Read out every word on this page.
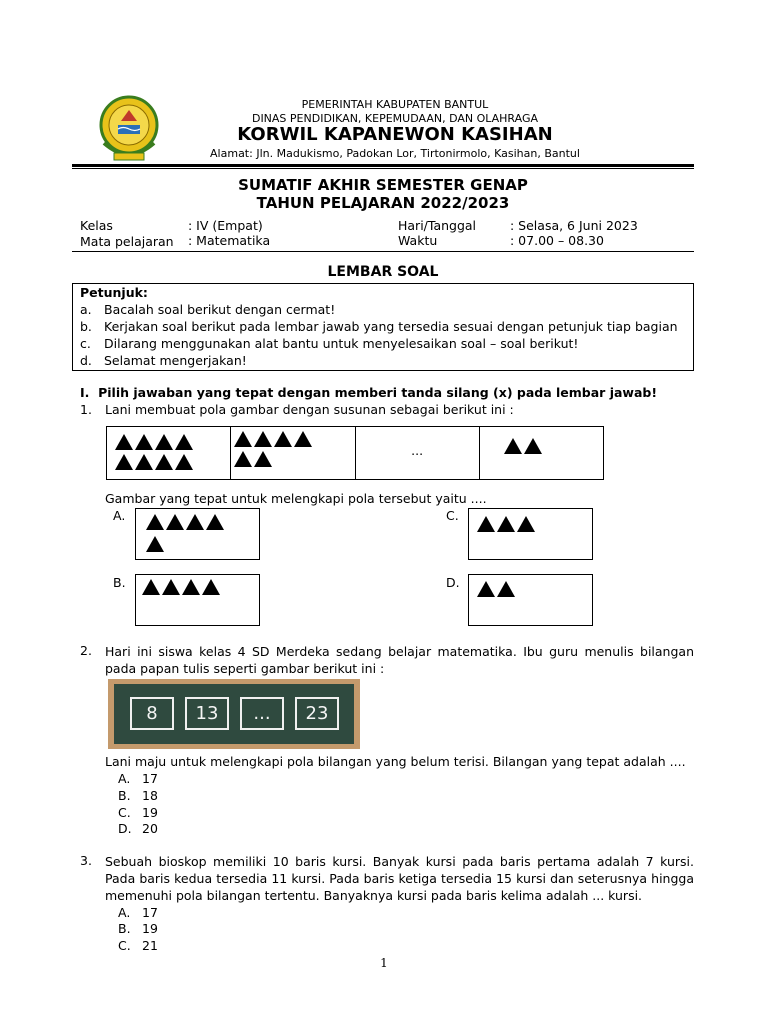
PEMERINTAH KABUPATEN BANTUL
DINAS PENDIDIKAN, KEPEMUDAAN, DAN OLAHRAGA
KORWIL KAPANEWON KASIHAN
Alamat: Jln. Madukismo, Padokan Lor, Tirtonirmolo, Kasihan, Bantul
SUMATIF AKHIR SEMESTER GENAP
TAHUN PELAJARAN 2022/2023
Kelas	: IV (Empat)
Mata pelajaran : Matematika
Hari/Tanggal	: Selasa, 6 Juni 2023
Waktu	: 07.00 – 08.30
LEMBAR SOAL
Petunjuk:
a. Bacalah soal berikut dengan cermat!
b. Kerjakan soal berikut pada lembar jawab yang tersedia sesuai dengan petunjuk tiap bagian
c. Dilarang menggunakan alat bantu untuk menyelesaikan soal – soal berikut!
d. Selamat mengerjakan!
I.  Pilih jawaban yang tepat dengan memberi tanda silang (x) pada lembar jawab!
1. Lani membuat pola gambar dengan susunan sebagai berikut ini :
...
Gambar yang tepat untuk melengkapi pola tersebut yaitu ....
A.	C.
B.	D.
2. Hari ini siswa kelas 4 SD Merdeka sedang belajar matematika. Ibu guru menulis bilangan pada papan tulis seperti gambar berikut ini :
8	13	...	23
Lani maju untuk melengkapi pola bilangan yang belum terisi. Bilangan yang tepat adalah ....
A. 17
B. 18
C. 19
D. 20
3. Sebuah bioskop memiliki 10 baris kursi. Banyak kursi pada baris pertama adalah 7 kursi. Pada baris kedua tersedia 11 kursi. Pada baris ketiga tersedia 15 kursi dan seterusnya hingga memenuhi pola bilangan tertentu. Banyaknya kursi pada baris kelima adalah ... kursi.
A. 17
B. 19
C. 21
1
